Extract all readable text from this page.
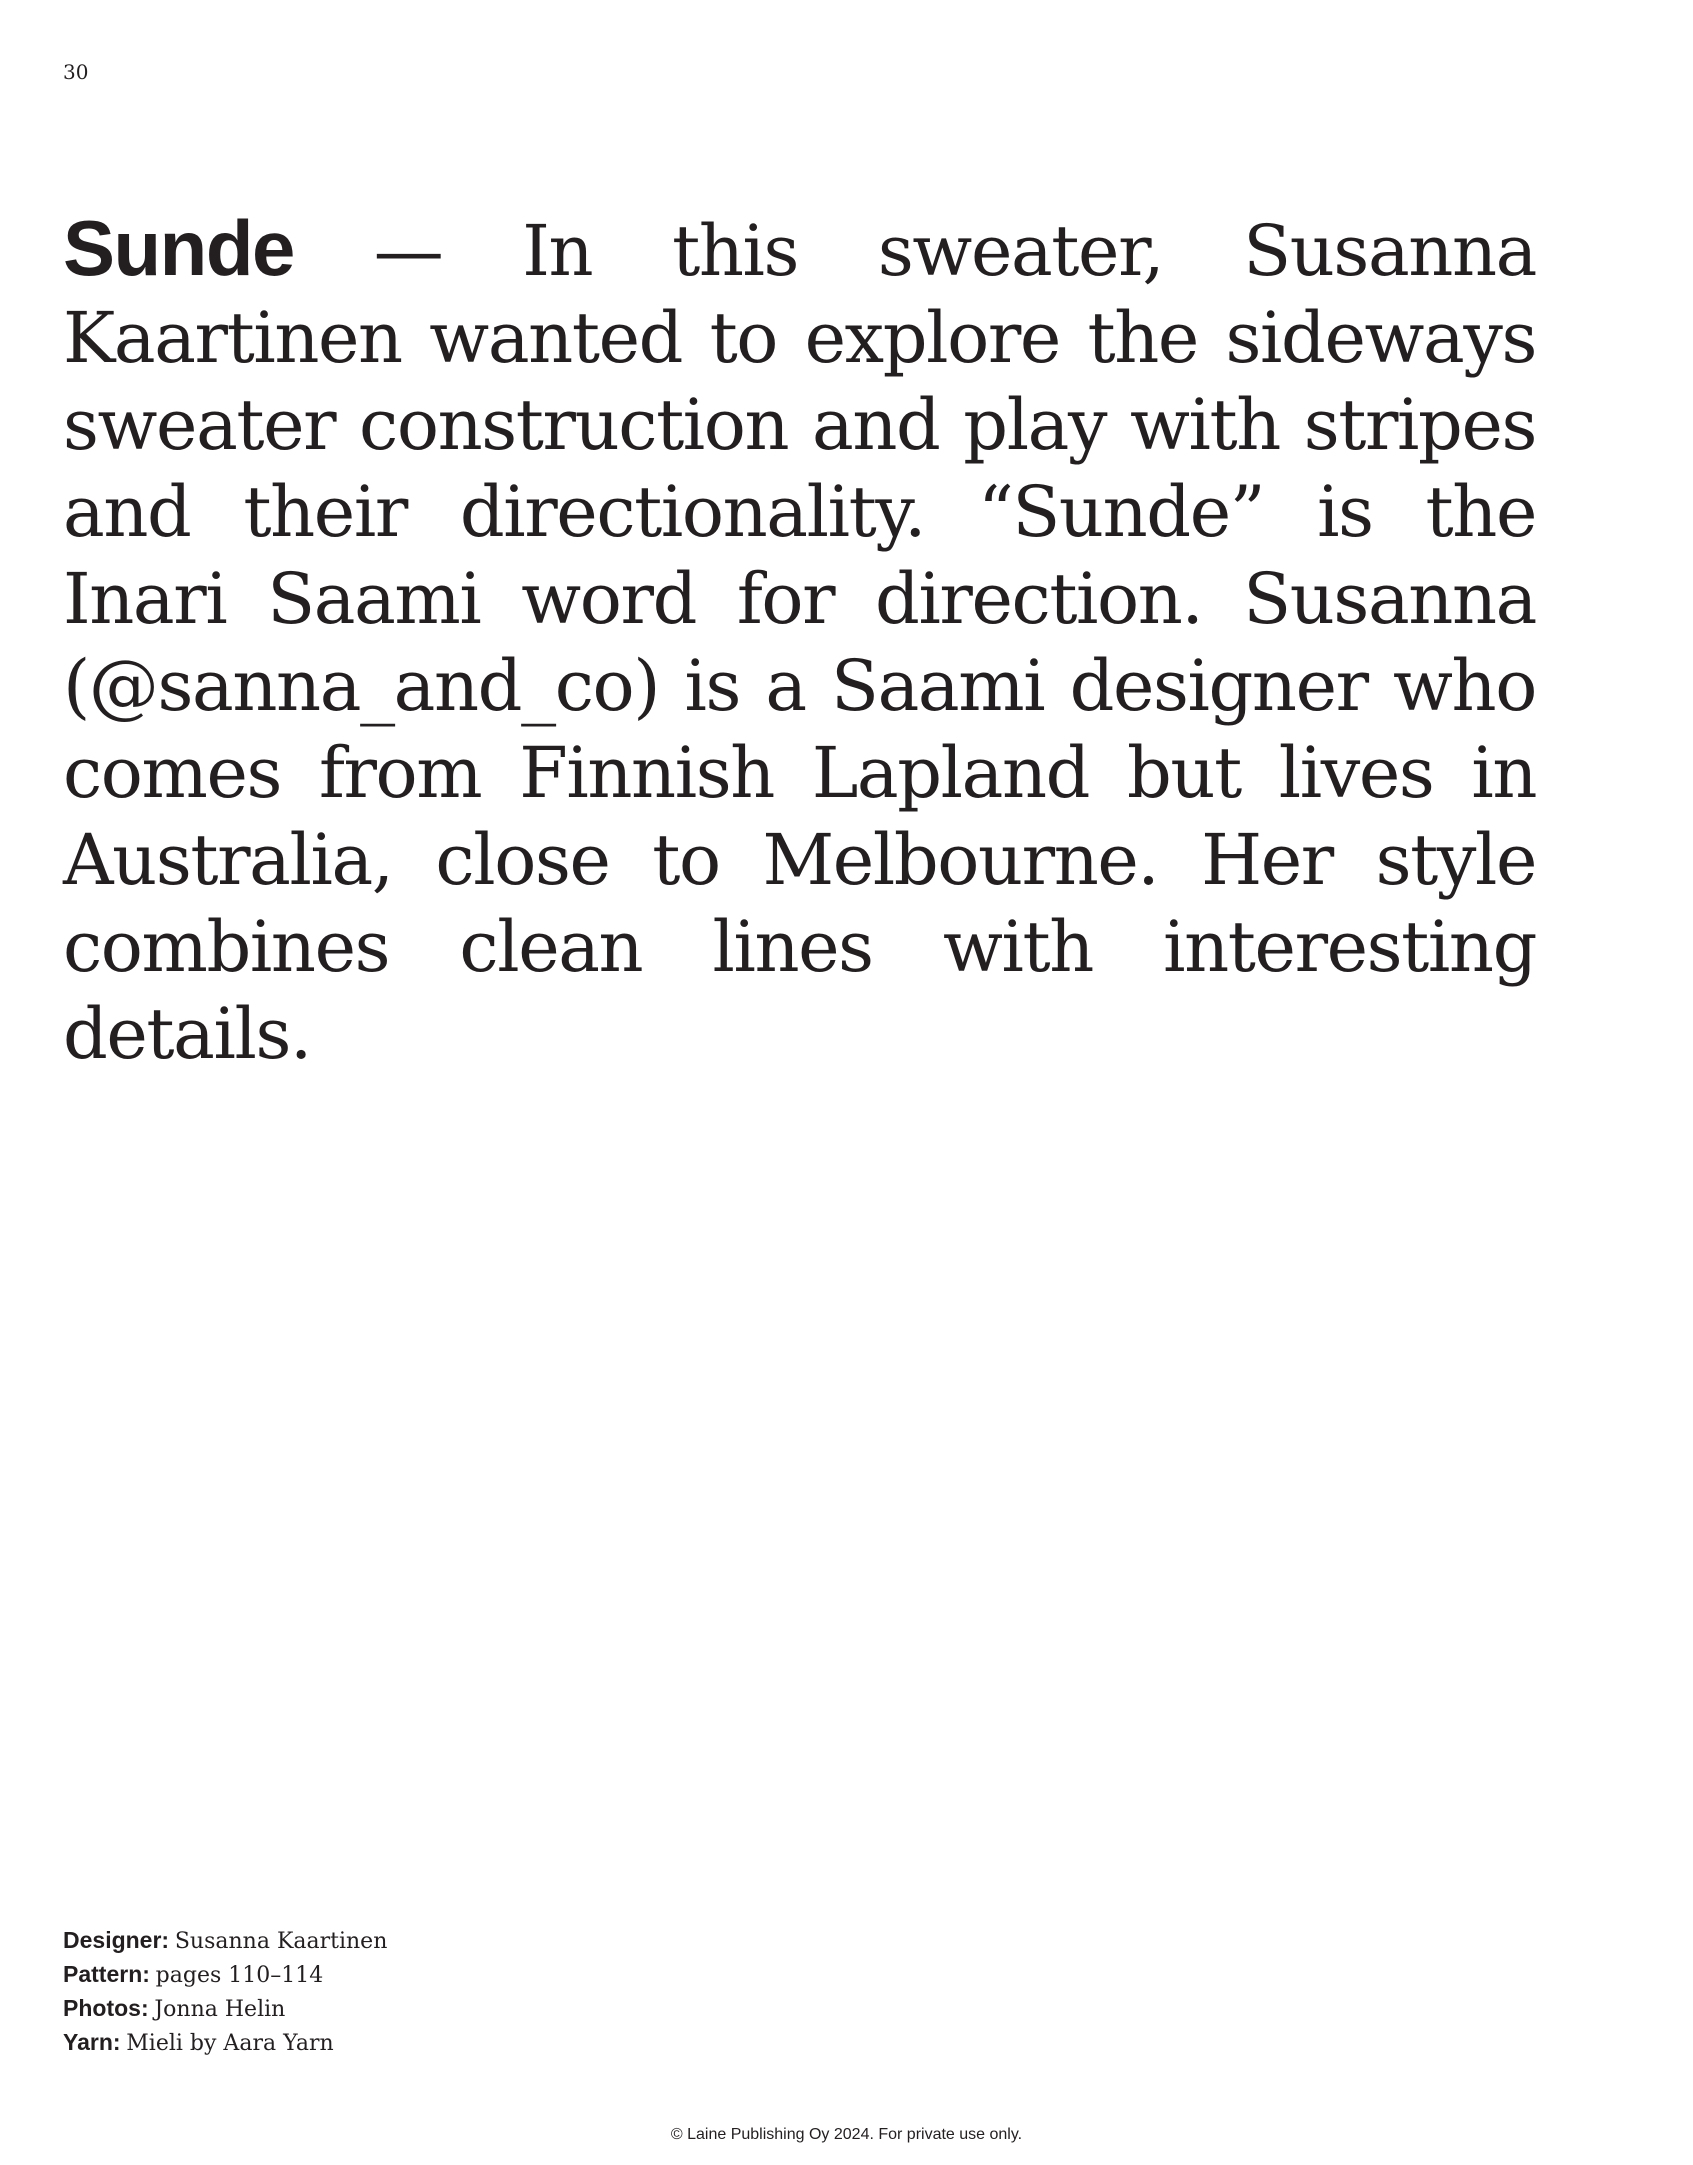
30

Sunde — In this sweater, Susanna Kaartinen wanted to explore the sideways sweater construction and play with stripes and their directionality. “Sunde” is the Inari Saami word for direction. Susanna (@sanna_and_co) is a Saami designer who comes from Finnish Lapland but lives in Australia, close to Melbourne. Her style combines clean lines with interesting details.

Designer: Susanna Kaartinen
Pattern: pages 110–114
Photos: Jonna Helin
Yarn: Mieli by Aara Yarn
© Laine Publishing Oy 2024. For private use only.
